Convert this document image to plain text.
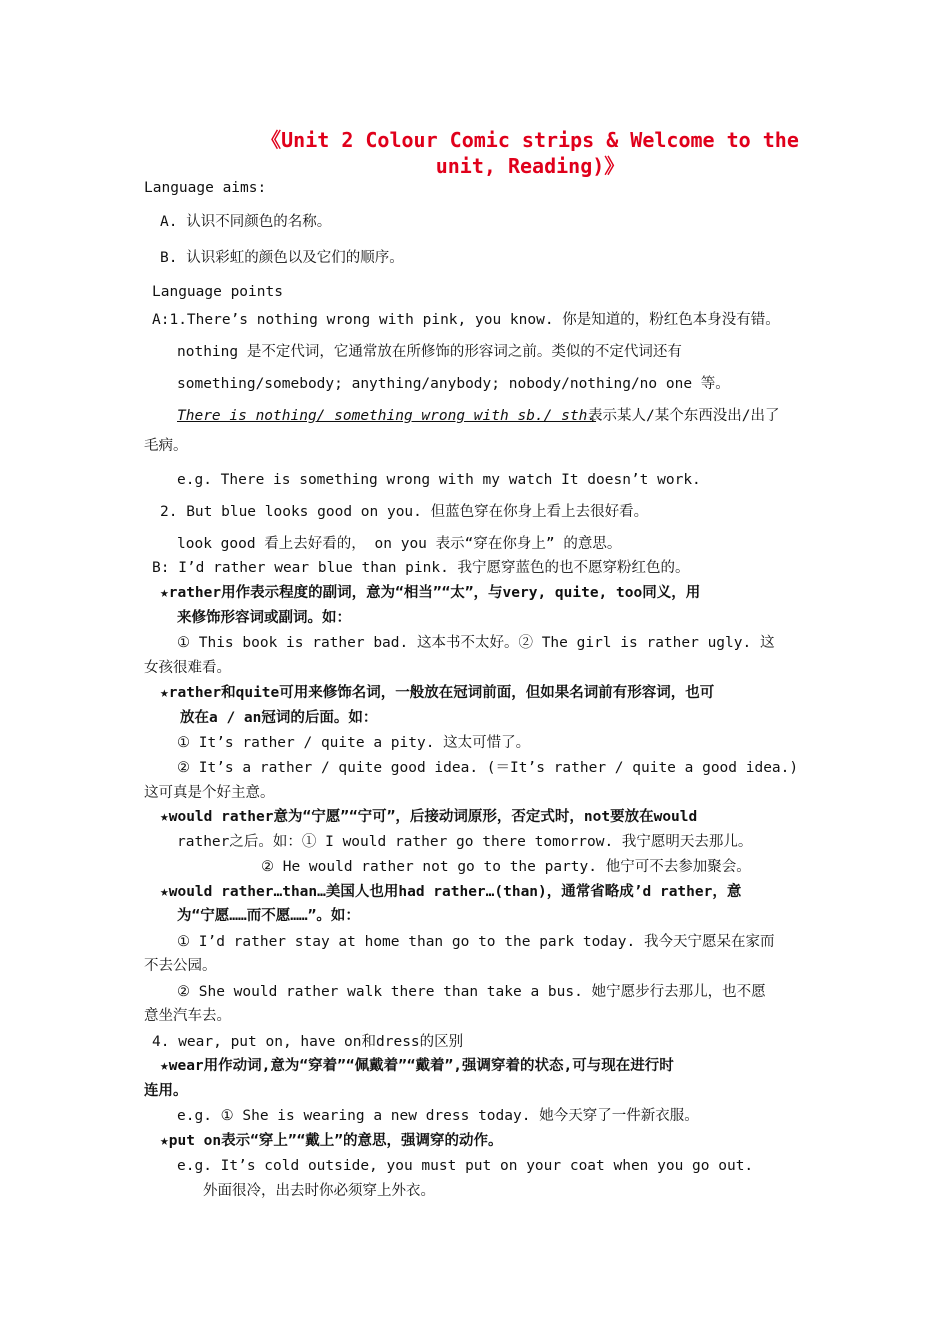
《Unit 2 Colour Comic strips & Welcome to the
unit, Reading)》
Language aims:
A. 认识不同颜色的名称。
B. 认识彩虹的颜色以及它们的顺序。
Language points
A:1.There’s nothing wrong with pink, you know. 你是知道的，粉红色本身没有错。
nothing 是不定代词，它通常放在所修饰的形容词之前。类似的不定代词还有
something/somebody; anything/anybody; nobody/nothing/no one 等。
There is nothing/ something wrong with sb./ sth.
表示某人/某个东西没出/出了
毛病。
e.g. There is something wrong with my watch It doesn’t work.
2. But blue looks good on you. 但蓝色穿在你身上看上去很好看。
look good 看上去好看的， on you 表示“穿在你身上” 的意思。
B: I’d rather wear blue than pink. 我宁愿穿蓝色的也不愿穿粉红色的。
★rather用作表示程度的副词，意为“相当”“太”，与very, quite, too同义，用
来修饰形容词或副词。如：
① This book is rather bad. 这本书不太好。② The girl is rather ugly. 这
女孩很难看。
★rather和quite可用来修饰名词，一般放在冠词前面，但如果名词前有形容词，也可
放在a / an冠词的后面。如：
① It’s rather / quite a pity. 这太可惜了。
② It’s a rather / quite good idea. (＝It’s rather / quite a good idea.)
这可真是个好主意。
★would rather意为“宁愿”“宁可”，后接动词原形，否定式时，not要放在would
rather之后。如：① I would rather go there tomorrow. 我宁愿明天去那儿。
② He would rather not go to the party. 他宁可不去参加聚会。
★would rather…than…美国人也用had rather…(than)，通常省略成’d rather，意
为“宁愿……而不愿……”。如：
① I’d rather stay at home than go to the park today. 我今天宁愿呆在家而
不去公园。
② She would rather walk there than take a bus. 她宁愿步行去那儿，也不愿
意坐汽车去。
4. wear, put on, have on和dress的区别
★wear用作动词,意为“穿着”“佩戴着”“戴着”,强调穿着的状态,可与现在进行时
连用。
e.g. ① She is wearing a new dress today. 她今天穿了一件新衣服。
★put on表示“穿上”“戴上”的意思，强调穿的动作。
e.g. It’s cold outside, you must put on your coat when you go out.
外面很冷，出去时你必须穿上外衣。
